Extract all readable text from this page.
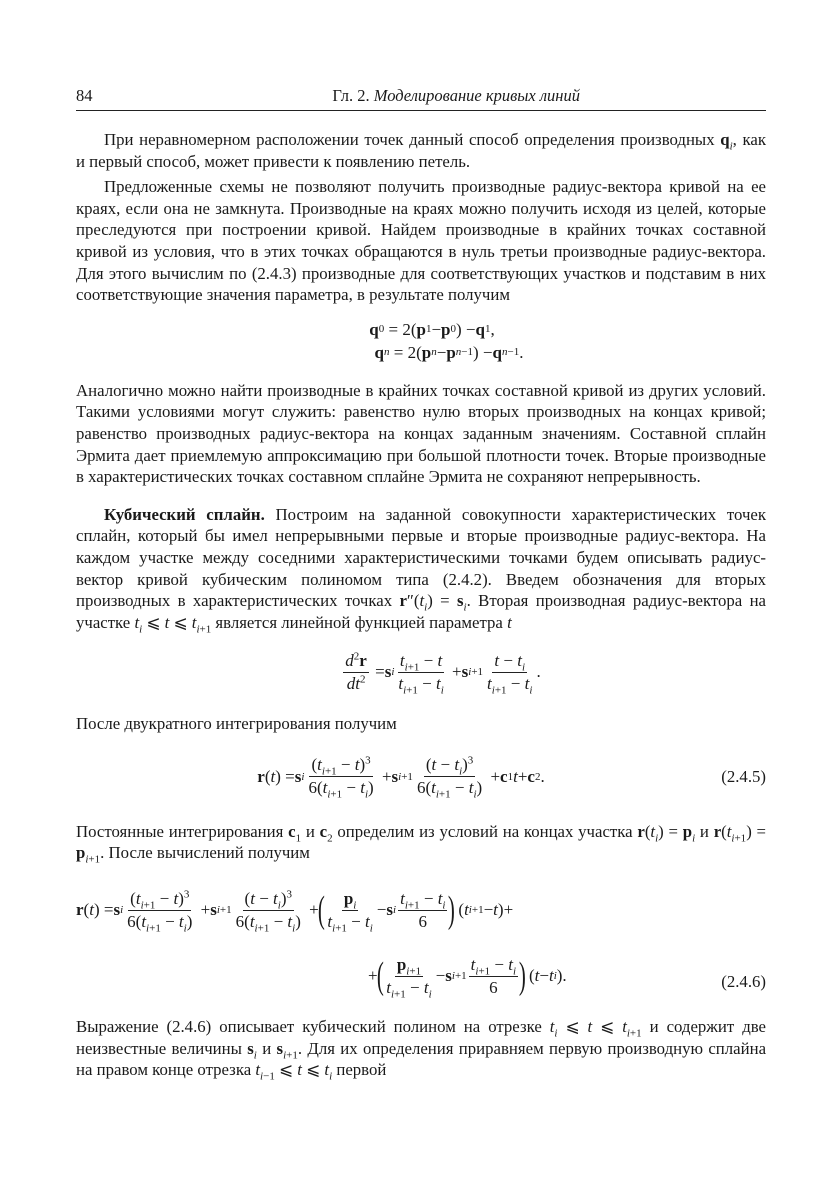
84	Гл. 2. Моделирование кривых линий

При неравномерном расположении точек данный способ определения производных $q_i$, как и первый способ, может привести к появлению петель.

Предложенные схемы не позволяют получить производные радиус-вектора кривой на ее краях, если она не замкнута. Производные на краях можно получить исходя из целей, которые преследуются при построении кривой. Найдем производные в крайних точках составной кривой из условия, что в этих точках обращаются в нуль третьи производные радиус-вектора. Для этого вычислим по (2.4.3) производные для соответствующих участков и подставим в них соответствующие значения параметра, в результате получим

q 0 = 2( p 1 − p 0 ) − q 1 ,
q n = 2( p n − p n−1 ) − q n−1 .

Аналогично можно найти производные в крайних точках составной кривой из других условий. Такими условиями могут служить: равенство нулю вторых производных на концах кривой; равенство производных радиус-вектора на концах заданным значениям. Составной сплайн Эрмита дает приемлемую аппроксимацию при большой плотности точек. Вторые производные в характеристических точках составном сплайне Эрмита не сохраняют непрерывность.

Кубический сплайн. Построим на заданной совокупности характеристических точек сплайн, который бы имел непрерывными первые и вторые производные радиус-вектора. На каждом участке между соседними характеристическими точками будем описывать радиус-вектор кривой кубическим полиномом типа (2.4.2). Введем обозначения для вторых производных в характеристических точках $r''(t_i) = s_i$. Вторая производная радиус-вектора на участке $t_i$ ⩽ t ⩽ $t_{i+1}$ является линейной функцией параметра t

$\frac{d^2r}{dt^2} = s$ i $\frac{t_{i+1} - t}{t_{i+1} - t_i} + s$ $i+1 \frac{t - t_i}{t_{i+1} - t_i}$ .

После двукратного интегрирования получим

r ( t ) = s i $\frac{(t_{i+1} - t)^3}{6(t_{i+1} - t_i)} + s$ $i+1 \frac{(t - t_i)^3}{6(t_{i+1} - t_i)} + c$ 1 t + c 2 .	(2.4.5)

Постоянные интегрирования $c_1$ и $c_2$ определим из условий на концах участка $r(t_i) = p_i$ и $r(t_{i+1}) = p_{i+1}$. После вычислений получим

r ( t ) = s i $\frac{(t_{i+1} - t)^3}{6(t_{i+1} - t_i)} + s$ $i+1 \frac{(t - t_i)^3}{6(t_{i+1} - t_i)}$ +
( $\frac{p_i}{t_{i+1} - t_i} - s$ i $\frac{t_{i+1} - t_i}{6}$ )
( t i+1 − t )+
+
( $\frac{p_{i+1}}{t_{i+1} - t_i} - s$ $i+1 \frac{t_{i+1} - t_i}{6}$ )
( t − t i ).	(2.4.6)

Выражение (2.4.6) описывает кубический полином на отрезке $t_i$ ⩽ t ⩽ $t_{i+1}$ и содержит две неизвестные величины $s_i$ и $s_{i+1}$. Для их определения приравняем первую производную сплайна на правом конце отрезка $t_{i-1}$ ⩽ t ⩽ $t_i$ первой
